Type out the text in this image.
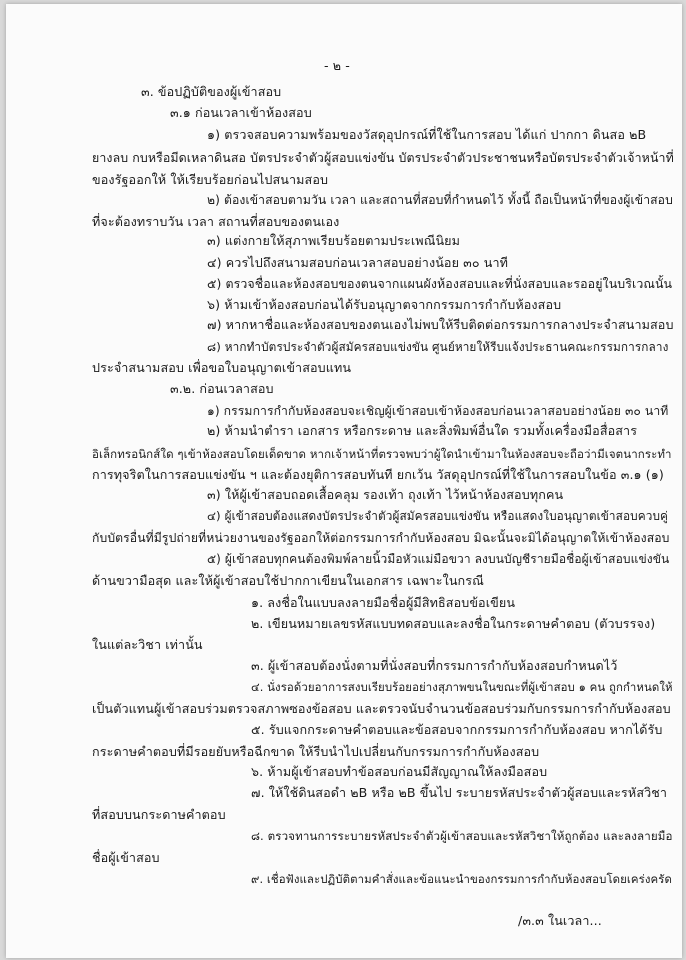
- ๒ -
๓. ข้อปฏิบัติของผู้เข้าสอบ
๓.๑ ก่อนเวลาเข้าห้องสอบ
๑) ตรวจสอบความพร้อมของวัสดุอุปกรณ์ที่ใช้ในการสอบ ได้แก่ ปากกา ดินสอ ๒B
ยางลบ กบหรือมีดเหลาดินสอ บัตรประจำตัวผู้สอบแข่งขัน บัตรประจำตัวประชาชนหรือบัตรประจำตัวเจ้าหน้าที่
ของรัฐออกให้ ให้เรียบร้อยก่อนไปสนามสอบ
๒) ต้องเข้าสอบตามวัน เวลา และสถานที่สอบที่กำหนดไว้ ทั้งนี้ ถือเป็นหน้าที่ของผู้เข้าสอบ
ที่จะต้องทราบวัน เวลา สถานที่สอบของตนเอง
๓) แต่งกายให้สุภาพเรียบร้อยตามประเพณีนิยม
๔) ควรไปถึงสนามสอบก่อนเวลาสอบอย่างน้อย ๓๐ นาที
๕) ตรวจชื่อและห้องสอบของตนจากแผนผังห้องสอบและที่นั่งสอบและรออยู่ในบริเวณนั้น
๖) ห้ามเข้าห้องสอบก่อนได้รับอนุญาตจากกรรมการกำกับห้องสอบ
๗) หากหาชื่อและห้องสอบของตนเองไม่พบให้รีบติดต่อกรรมการกลางประจำสนามสอบ
๘) หากทำบัตรประจำตัวผู้สมัครสอบแข่งขัน ศูนย์หายให้รีบแจ้งประธานคณะกรรมการกลาง
ประจำสนามสอบ เพื่อขอใบอนุญาตเข้าสอบแทน
๓.๒. ก่อนเวลาสอบ
๑) กรรมการกำกับห้องสอบจะเชิญผู้เข้าสอบเข้าห้องสอบก่อนเวลาสอบอย่างน้อย ๓๐ นาที
๒) ห้ามนำตำรา เอกสาร หรือกระดาษ และสิ่งพิมพ์อื่นใด รวมทั้งเครื่องมือสื่อสาร
อิเล็กทรอนิกส์ใด ๆเข้าห้องสอบโดยเด็ดขาด หากเจ้าหน้าที่ตรวจพบว่าผู้ใดนำเข้ามาในห้องสอบจะถือว่ามีเจตนากระทำ
การทุจริตในการสอบแข่งขัน ฯ และต้องยุติการสอบทันที ยกเว้น วัสดุอุปกรณ์ที่ใช้ในการสอบในข้อ ๓.๑ (๑)
๓) ให้ผู้เข้าสอบถอดเสื้อคลุม รองเท้า ถุงเท้า ไว้หน้าห้องสอบทุกคน
๔) ผู้เข้าสอบต้องแสดงบัตรประจำตัวผู้สมัครสอบแข่งขัน หรือแสดงใบอนุญาตเข้าสอบควบคู่
กับบัตรอื่นที่มีรูปถ่ายที่หน่วยงานของรัฐออกให้ต่อกรรมการกำกับห้องสอบ มิฉะนั้นจะมิได้อนุญาตให้เข้าห้องสอบ
๕) ผู้เข้าสอบทุกคนต้องพิมพ์ลายนิ้วมือหัวแม่มือขวา ลงบนบัญชีรายมือชื่อผู้เข้าสอบแข่งขัน
ด้านขวามือสุด และให้ผู้เข้าสอบใช้ปากกาเขียนในเอกสาร เฉพาะในกรณี
๑. ลงชื่อในแบบลงลายมือชื่อผู้มีสิทธิสอบข้อเขียน
๒. เขียนหมายเลขรหัสแบบทดสอบและลงชื่อในกระดาษคำตอบ (ตัวบรรจง)
ในแต่ละวิชา เท่านั้น
๓. ผู้เข้าสอบต้องนั่งตามที่นั่งสอบที่กรรมการกำกับห้องสอบกำหนดไว้
๔. นั่งรอด้วยอาการสงบเรียบร้อยอย่างสุภาพขนในขณะที่ผู้เข้าสอบ ๑ คน ถูกกำหนดให้
เป็นตัวแทนผู้เข้าสอบร่วมตรวจสภาพซองข้อสอบ และตรวจนับจำนวนข้อสอบร่วมกับกรรมการกำกับห้องสอบ
๕. รับแจกกระดาษคำตอบและข้อสอบจากกรรมการกำกับห้องสอบ หากได้รับ
กระดาษคำตอบที่มีรอยยับหรือฉีกขาด ให้รีบนำไปเปลี่ยนกับกรรมการกำกับห้องสอบ
๖. ห้ามผู้เข้าสอบทำข้อสอบก่อนมีสัญญาณให้ลงมือสอบ
๗. ให้ใช้ดินสอดำ ๒B หรือ ๒B ขึ้นไป ระบายรหัสประจำตัวผู้สอบและรหัสวิชา
ที่สอบบนกระดาษคำตอบ
๘. ตรวจทานการระบายรหัสประจำตัวผู้เข้าสอบและรหัสวิชาให้ถูกต้อง และลงลายมือ
ชื่อผู้เข้าสอบ
๙. เชื่อฟังและปฏิบัติตามคำสั่งและข้อแนะนำของกรรมการกำกับห้องสอบโดยเคร่งครัด
/๓.๓ ในเวลา...
